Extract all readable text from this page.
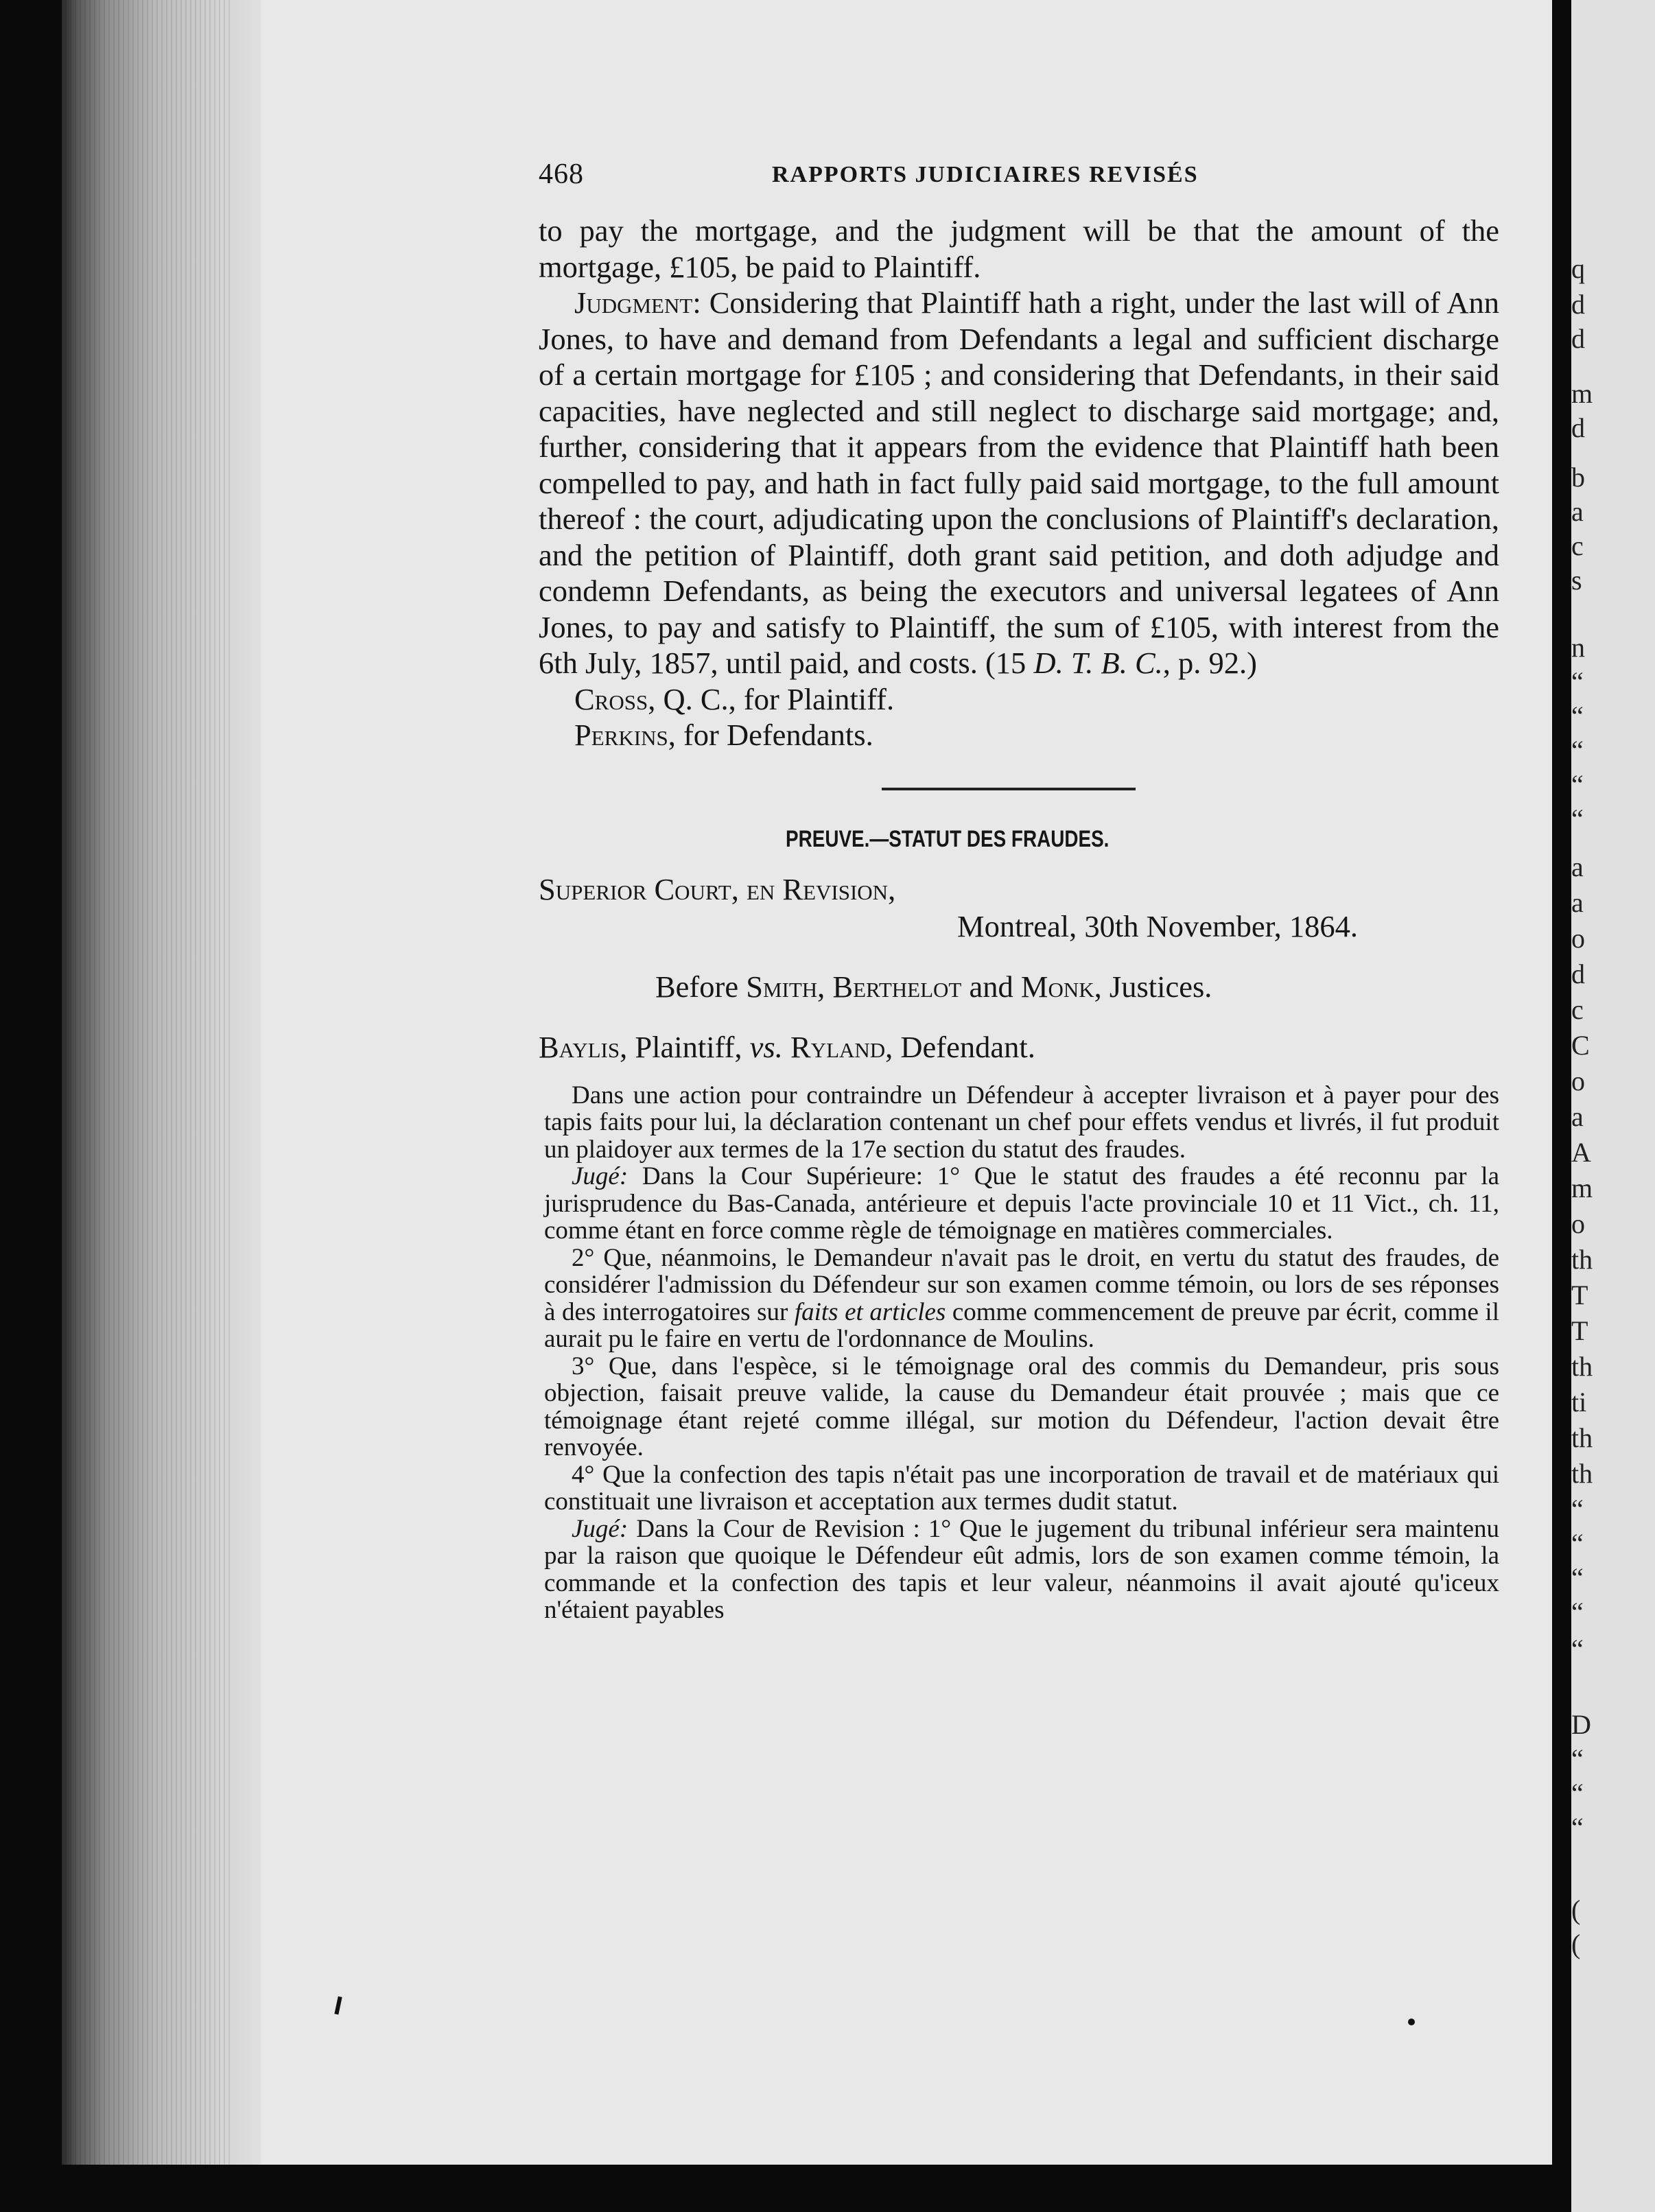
q
d
d
m
d
b
a
c
s
n
“
“
“
“
“
a
a
o
d
c
C
o
a
A
m
o
th
T
T
th
ti
th
th
“
“
“
“
“
D
“
“
“
(
(
468	RAPPORTS JUDICIAIRES REVISÉS

to pay the mortgage, and the judgment will be that the amount of the mortgage, £105, be paid to Plaintiff.

Judgment: Considering that Plaintiff hath a right, under the last will of Ann Jones, to have and demand from Defendants a legal and sufficient discharge of a certain mortgage for £105 ; and considering that Defendants, in their said capacities, have neglected and still neglect to discharge said mortgage; and, further, considering that it appears from the evidence that Plaintiff hath been compelled to pay, and hath in fact fully paid said mortgage, to the full amount thereof : the court, adjudicating upon the conclusions of Plaintiff's declaration, and the petition of Plaintiff, doth grant said petition, and doth adjudge and condemn Defendants, as being the executors and universal legatees of Ann Jones, to pay and satisfy to Plaintiff, the sum of £105, with interest from the 6th July, 1857, until paid, and costs. (15 D. T. B. C., p. 92.)

Cross, Q. C., for Plaintiff.

Perkins, for Defendants.

PREUVE.—STATUT DES FRAUDES.
Superior Court, en Revision,
Montreal, 30th November, 1864.
Before Smith, Berthelot and Monk, Justices.
Baylis, Plaintiff, vs. Ryland, Defendant.

Dans une action pour contraindre un Défendeur à accepter livraison et à payer pour des tapis faits pour lui, la déclaration contenant un chef pour effets vendus et livrés, il fut produit un plaidoyer aux termes de la 17e section du statut des fraudes.

Jugé: Dans la Cour Supérieure: 1° Que le statut des fraudes a été reconnu par la jurisprudence du Bas-Canada, antérieure et depuis l'acte provinciale 10 et 11 Vict., ch. 11, comme étant en force comme règle de témoignage en matières commerciales.

2° Que, néanmoins, le Demandeur n'avait pas le droit, en vertu du statut des fraudes, de considérer l'admission du Défendeur sur son examen comme témoin, ou lors de ses réponses à des interrogatoires sur faits et articles comme commencement de preuve par écrit, comme il aurait pu le faire en vertu de l'ordonnance de Moulins.

3° Que, dans l'espèce, si le témoignage oral des commis du Demandeur, pris sous objection, faisait preuve valide, la cause du Demandeur était prouvée ; mais que ce témoignage étant rejeté comme illégal, sur motion du Défendeur, l'action devait être renvoyée.

4° Que la confection des tapis n'était pas une incorporation de travail et de matériaux qui constituait une livraison et acceptation aux termes dudit statut.

Jugé: Dans la Cour de Revision : 1° Que le jugement du tribunal inférieur sera maintenu par la raison que quoique le Défendeur eût admis, lors de son examen comme témoin, la commande et la confection des tapis et leur valeur, néanmoins il avait ajouté qu'iceux n'étaient payables
